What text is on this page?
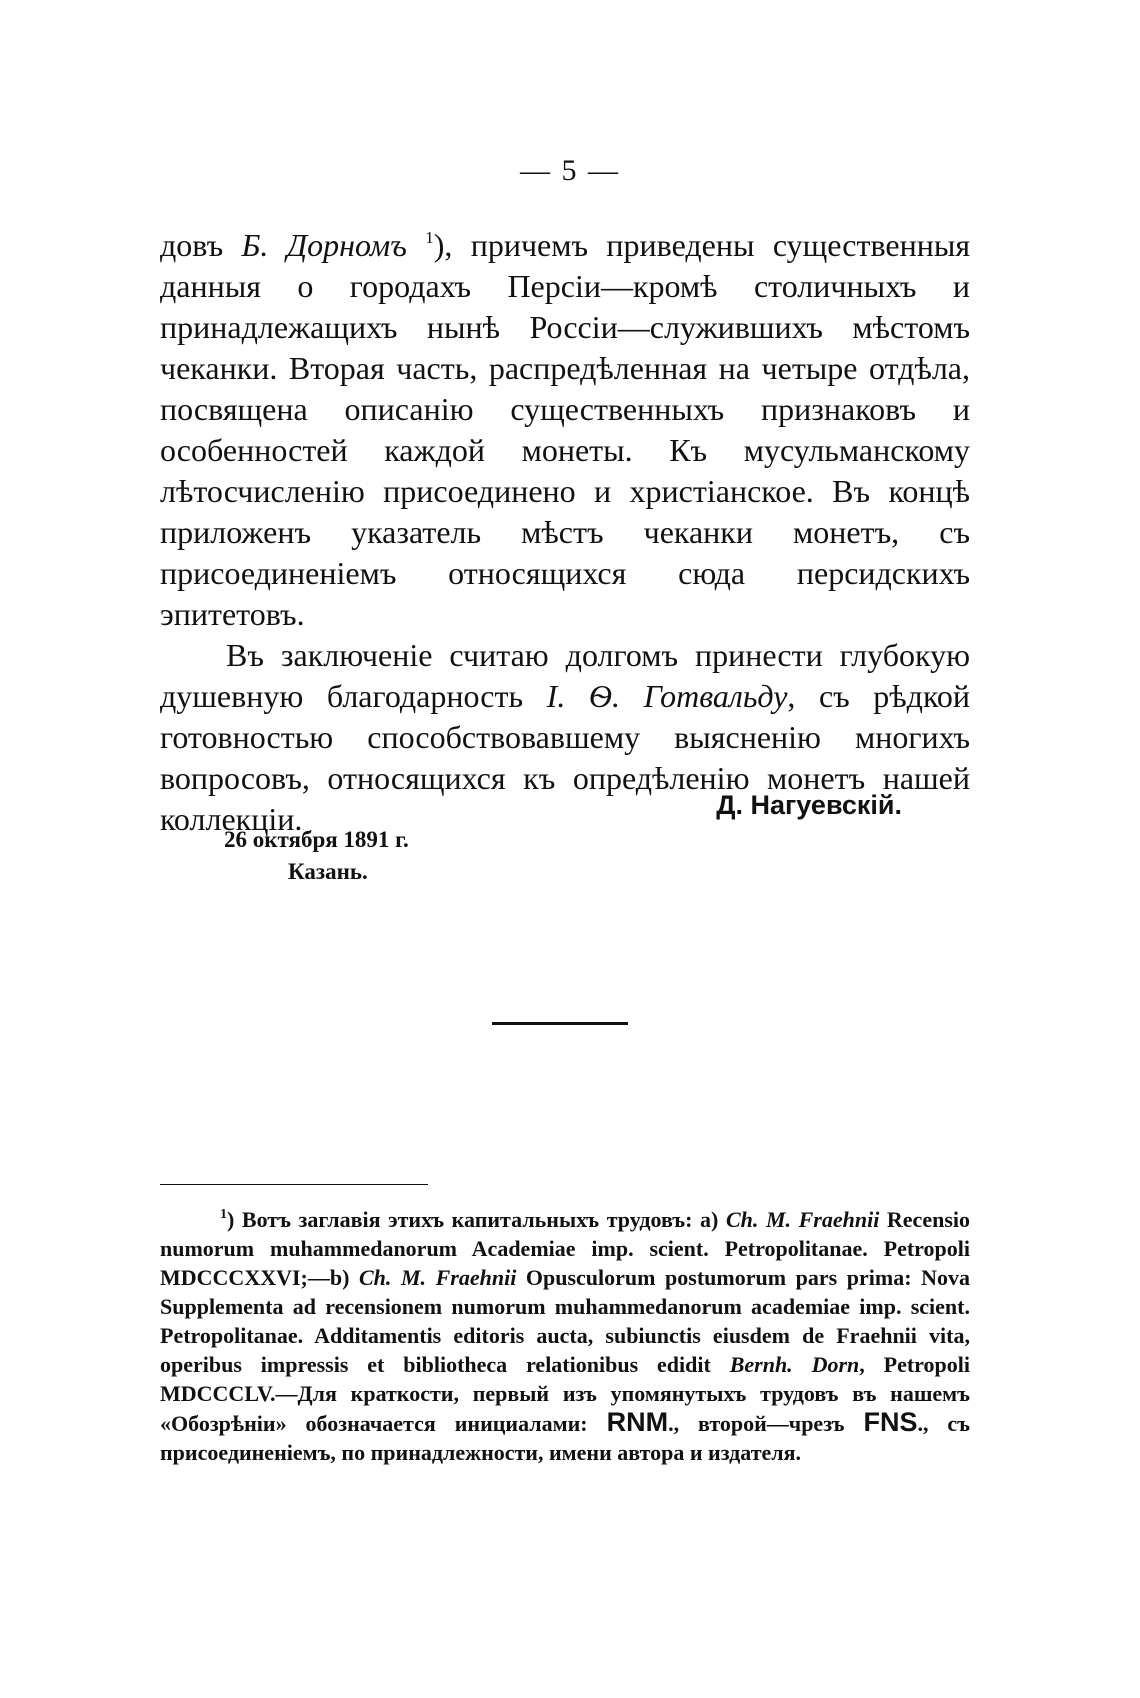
— 5 —

довъ Б. Дорномъ $^1$), причемъ приведены существенныя данныя о городахъ Персіи—кромѣ столичныхъ и принадлежащихъ нынѣ Россіи—служившихъ мѣстомъ чеканки. Вторая часть, распредѣленная на четыре отдѣла, посвящена описанію существенныхъ признаковъ и особенностей каждой монеты. Къ мусульманскому лѣтосчисленію присоединено и христіанское. Въ концѣ приложенъ указатель мѣстъ чеканки монетъ, съ присоединеніемъ относящихся сюда персидскихъ эпитетовъ.

Въ заключеніе считаю долгомъ принести глубокую душевную благодарность І. Ѳ. Готвальду, съ рѣдкой готовностью способствовавшему выясненію многихъ вопросовъ, относящихся къ опредѣленію монетъ нашей коллекціи.	Д. Нагуевскій.
26 октября 1891 г.
Казань.

$^1$) Вотъ заглавія этихъ капитальныхъ трудовъ: a) Ch. M. Fraehnii Recensio numorum muhammedanorum Academiae imp. scient. Petropolitanae. Petropoli MDCCCXXVI;—b) Ch. M. Fraehnii Opusculorum postumorum pars prima: Nova Supplementa ad recensionem numorum muhammedanorum academiae imp. scient. Petropolitanae. Additamentis editoris aucta, subiunctis eiusdem de Fraehnii vita, operibus impressis et bibliotheca relationibus edidit Bernh. Dorn, Petropoli MDCCCLV.—Для краткости, первый изъ упомянутыхъ трудовъ въ нашемъ «Обозрѣніи» обозначается инициалами: RNM., второй—чрезъ FNS., съ присоединеніемъ, по принадлежности, имени автора и издателя.
